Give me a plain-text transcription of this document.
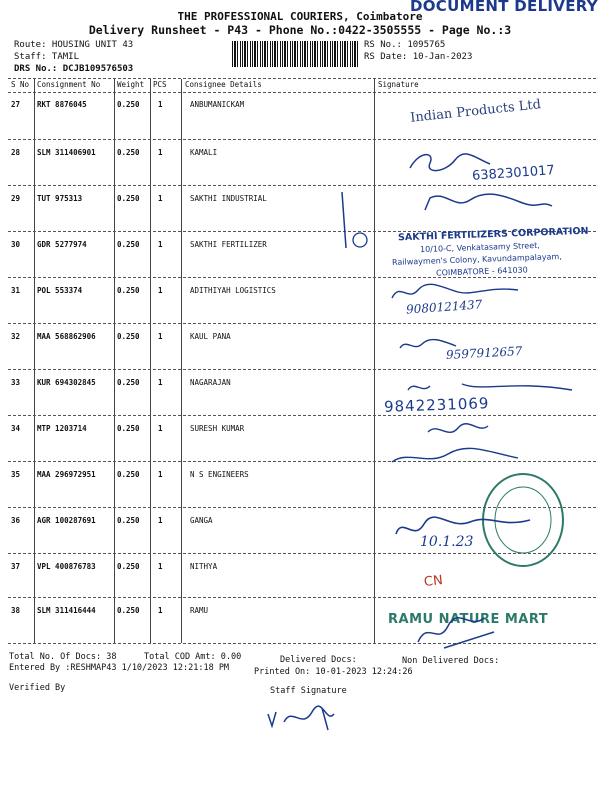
DOCUMENT DELIVERY
THE PROFESSIONAL COURIERS, Coimbatore
Delivery Runsheet - P43 - Phone No.:0422-3505555 - Page No.:3
Route: HOUSING UNIT 43
Staff: TAMIL
DRS No.: DCJB109576503
RS No.: 1095765
RS Date: 10-Jan-2023
S No Consignment No Weight PCS Consignee Details	Signature
27 RKT 8876045	0.250 1	ANBUMANICKAM
28 SLM 311406901	0.250 1	KAMALI
29 TUT 975313	0.250 1	SAKTHI INDUSTRIAL
30 GDR 5277974	0.250 1	SAKTHI FERTILIZER
31 POL 553374	0.250 1	ADITHIYAH LOGISTICS
32 MAA 568862906	0.250 1	KAUL PANA
33 KUR 694302845	0.250 1	NAGARAJAN
34 MTP 1203714	0.250 1	SURESH KUMAR
35 MAA 296972951	0.250 1	N S ENGINEERS
36 AGR 100287691	0.250 1	GANGA
37 VPL 400876783	0.250 1	NITHYA
38 SLM 311416444	0.250 1	RAMU
Indian Products Ltd
6382301017
SAKTHI FERTILIZERS CORPORATION
10/10-C, Venkatasamy Street,
Railwaymen's Colony, Kavundampalayam,
COIMBATORE - 641030
9080121437
9597912657
9842231069
10.1.23
CN
RAMU NATURE MART
Total No. Of Docs: 38	Total COD Amt: 0.00	Delivered Docs:	Non Delivered Docs:
Entered By :RESHMAP43 1/10/2023 12:21:18 PM	Printed On: 10-01-2023 12:24:26
Verified By	Staff Signature
